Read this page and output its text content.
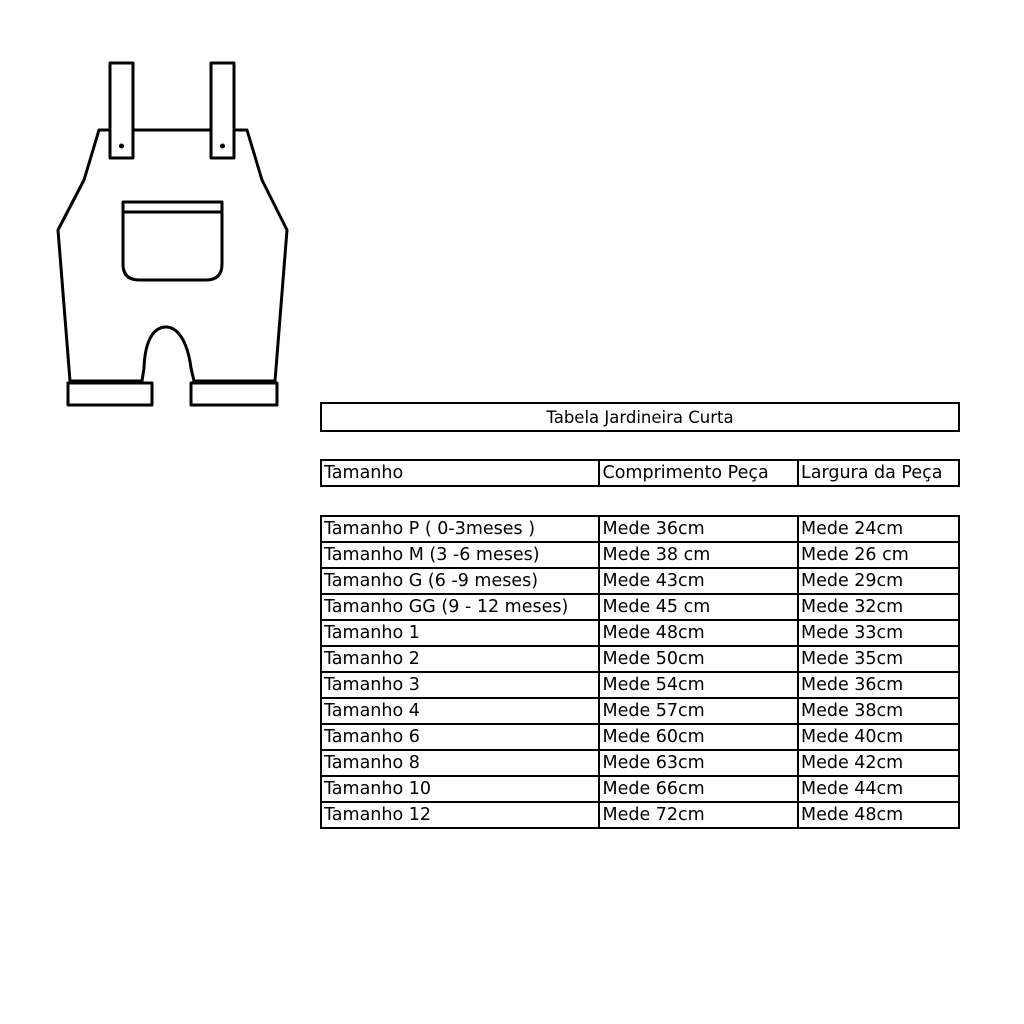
Tabela Jardineira Curta
Tamanho	Comprimento Peça	Largura da Peça
Tamanho P ( 0-3meses )	Mede 36cm	Mede 24cm
Tamanho M (3 -6 meses)	Mede 38 cm	Mede 26 cm
Tamanho G (6 -9 meses)	Mede 43cm	Mede 29cm
Tamanho GG (9 - 12 meses)	Mede 45 cm	Mede 32cm
Tamanho 1	Mede 48cm	Mede 33cm
Tamanho 2	Mede 50cm	Mede 35cm
Tamanho 3	Mede 54cm	Mede 36cm
Tamanho 4	Mede 57cm	Mede 38cm
Tamanho 6	Mede 60cm	Mede 40cm
Tamanho 8	Mede 63cm	Mede 42cm
Tamanho 10	Mede 66cm	Mede 44cm
Tamanho 12	Mede 72cm	Mede 48cm
